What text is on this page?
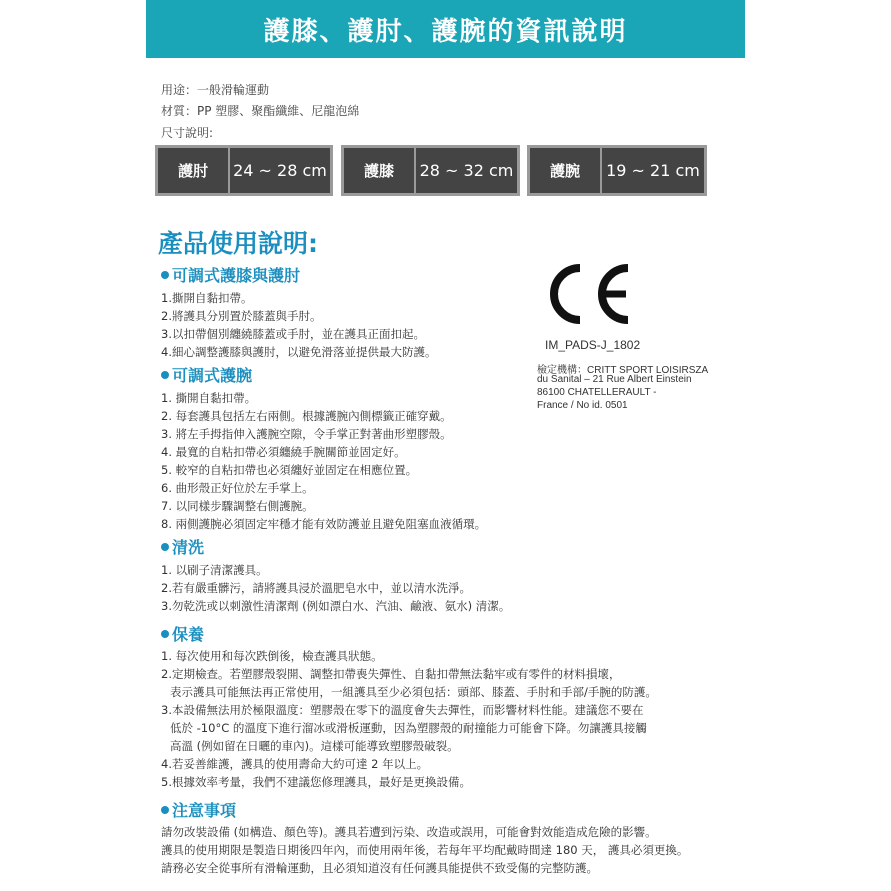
護膝、護肘、護腕的資訊說明
用途：一般滑輪運動
材質：PP 塑膠、聚酯纖維、尼龍泡綿
尺寸說明:
護肘	24 ~ 28 cm	護膝	28 ~ 32 cm	護腕	19 ~ 21 cm
產品使用說明:
可調式護膝與護肘
1.撕開自黏扣帶。
2.將護具分別置於膝蓋與手肘。
3.以扣帶個別纏繞膝蓋或手肘，並在護具正面扣起。
4.細心調整護膝與護肘，以避免滑落並提供最大防護。
可調式護腕
1. 撕開自黏扣帶。
2. 每套護具包括左右兩側。根據護腕內側標籤正確穿戴。
3. 將左手拇指伸入護腕空隙，令手掌正對著曲形塑膠殼。
4. 最寬的自粘扣帶必須纏繞手腕關節並固定好。
5. 較窄的自粘扣帶也必須纏好並固定在相應位置。
6. 曲形殼正好位於左手掌上。
7. 以同樣步驟調整右側護腕。
8. 兩側護腕必須固定牢穩才能有效防護並且避免阻塞血液循環。
清洗
1. 以刷子清潔護具。
2.若有嚴重髒污，請將護具浸於溫肥皂水中，並以清水洗淨。
3.勿乾洗或以刺激性清潔劑 (例如漂白水、汽油、鹼液、氨水) 清潔。
保養
1. 每次使用和每次跌倒後，檢查護具狀態。
2.定期檢查。若塑膠殼裂開、調整扣帶喪失彈性、自黏扣帶無法黏牢或有零件的材料損壞，
表示護具可能無法再正常使用，一組護具至少必須包括：頭部、膝蓋、手肘和手部/手腕的防護。
3.本設備無法用於極限溫度：塑膠殼在零下的溫度會失去彈性，而影響材料性能。建議您不要在
低於 -10°C 的溫度下進行溜冰或滑板運動，因為塑膠殼的耐撞能力可能會下降。勿讓護具接觸
高溫 (例如留在日曬的車內)。這樣可能導致塑膠殼破裂。
4.若妥善維護，護具的使用壽命大約可達 2 年以上。
5.根據效率考量，我們不建議您修理護具，最好是更換設備。
注意事項
請勿改裝設備 (如構造、顏色等)。護具若遭到污染、改造或誤用，可能會對效能造成危險的影響。
護具的使用期限是製造日期後四年內，而使用兩年後，若每年平均配戴時間達 180 天， 護具必須更換。
請務必安全從事所有滑輪運動，且必須知道沒有任何護具能提供不致受傷的完整防護。
IM_PADS-J_1802
檢定機構：CRITT SPORT LOISIRSZA
du Sanital – 21 Rue Albert Einstein
86100 CHATELLERAULT -
France / No id. 0501
